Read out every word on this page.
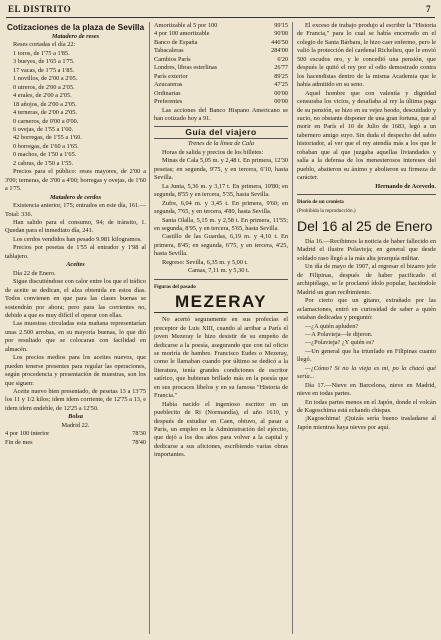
EL DISTRITO	7
Cotizaciones de la plaza de Sevilla

Matadero de reses

Reses cortadas el día 22:

1 toros, de 1'75 a 1'85.

3 bueyes, de 1'65 a 1'75.

17 vacas, de 1'75 a 1'85.

1 novillos, de 2'00 a 2'05.

0 utreros, de 2'00 a 2'05.

4 erales, de 2'00 a 2'05.

18 añojos, de 2'00 a 2'05.

4 terneras, de 2'00 a 2'05.

0 carneros, de 0'00 a 0'00.

6 ovejas, de 1'55 a 1'60.

42 borregas, de 1'55 a 1'60.

0 borregas, de 1'60 a 1'65.

0 machos, de 1'50 a 1'65.

2 cabras, de 1'50 a 1'55.

Precios para el público: reses mayores, de 2'00 a 3'00; terneras, de 3'00 a 4'00; borregas y ovejas, de 1'60 a 1'75.

Matadero de cerdos

Existencia anterior, 175; entrados en este día, 161.—Total: 336.

Han salido para el consumo, 94; de tránsito, 1. Quedan para el inmediato día, 241.

Los cerdos vendidos han pesado 9.981 kilogramos.

Precios por pesetas de 1'55 al entrador y 1'98 al tablajero.

Aceites

Día 22 de Enero.

Sigue discutiéndose con calor entre los que el tráfico de aceite se dedican, el alza obtenida en estos días. Todos convienen en que para las clases buenas se sostendrán por ahora; pero para las corrientes no, debido a que es muy difícil el operar con ellas.

Las muestras circuladas esta mañana representarían unas 2.500 arrobas, en su mayoría buenas, lo que dió por resultado que se colocaran con facilidad en almacén.

Los precios medios para los aceites nuevos, que pueden tenerse presentes para regular las operaciones, según procedencia y presentación de muestras, son los que siguen:

Aceite nuevo bien presentado, de pesetas 13 a 13'75 los 11 y 1/2 kilos; idem idem corriente, de 12'75 a 13, e idem idem endeble, de 12'25 a 12'50.

Bolsa

Madrid 22.

4 por 100 interior	78'30
Fin de mes	78'40
Amortizable al 5 por 100	99'15
4 por 100 amortizable	90'00
Banco de España	446'50
Tabacaleras	284'00
Cambios París	6'20
Londres, libras esterlinas	26'77
París exterior	89'25
Azucareras	47'25
Ordinarias	00'00
Preferentes	00'00

Las acciones del Banco Hispano Americano se han cotizado hoy a 91.

Guía del viajero

Trenes de la línea de Cala

Horas de salida y precios de los billetes:

Minas de Cala 5,05 m. y 2,48 t. En primera, 12'30 pesetas; en segunda, 9'75, y en tercera, 6'10, hasta Sevilla.

La Junta, 5,36 m. y 3,17 t. En primera, 10'80; en segunda, 8'55 y en tercera, 5'35, hasta Sevilla.

Zufre, 6,04 m. y 3,45 t. En primera, 9'60; en segunda, 7'65, y en tercera, 4'80, hasta Sevilla.

Santa Olalla, 5,15 m. y 2,58 t. En primera, 11'55; en segunda, 8'95, y en tercera, 5'65, hasta Sevilla.

Castillo de las Guardas, 6,19 m. y 4,10 t. En primera, 8'45; en segunda, 6'75, y en tercera, 4'25, hasta Sevilla.

Regreso: Sevilla, 6,35 m. y 5,00 t.

Camas, 7,11 m. y 5,30 t.

Figuras del pasado

MEZERAY

No acertó seguramente en sus profecías el preceptor de Luis XIII, cuando al arribar a París el joven Mezeray le hizo desistir de su empeño de dedicarse a la poesía, asegurando que con tal oficio se moriría de hambre. Francisco Eudes o Mezeray, como le llamaban cuando por último se dedicó a la literatura, tenía grandes condiciones de escritor satírico, que hubieran brillado más en la poesía que en sus procaces libelos y en su famosa "Historia de Francia."

Había nacido el ingenioso escritor en un pueblecito de Ri (Normandía), el año 1610, y después de estudiar en Caen, obtuvo, al pasar a París, un empleo en la Administración del ejército, que dejó a los dos años para volver a la capital y dedicarse a sus aficiones, escribiendo varias obras importantes.

El exceso de trabajo produjo al escribir la "Historia de Francia," para lo cual se había encerrado en el colegio de Santa Bárbara, le hizo caer enfermo, pero le valió la protección del cardenal Richelieu, que le envió 500 escudos oro, y le concedió una pensión, que después le quitó el rey por el odio demostrado contra los hacendistas dentro de la misma Academia que le había admitido en su seno.

Aquel hombre que con valentía y dignidad censuraba los vicios, y desafiaba al rey la última paga de su pensión, se hizo en su vejez beodo, descuidado y sucio, no obstante disponer de una gran fortuna, que al morir en París el 10 de Julio de 1683, legó a un tabernero amigo suyo. Sin duda el despecho del sabio historiador, al ver que el rey atendía más a los que le robaban que al que juzgaba aquellas liviandades y salía a la defensa de los menesterosos intereses del pueblo, abatieron su ánimo y abolieron su firmeza de carácter.

Hernando de Acevedo.

Diario de un cronista

(Prohibida la reproducción.)

Del 16 al 25 de Enero

Día 16.—Recibimos la noticia de haber fallecido en Madrid el ilustre Polavieja; en general que desde soldado raso llegó a la más alta jerarquía militar.

Un día de mayo de 1907, al regresar el bizarro jefe de Filipinas, después de haber pacificado el archipiélago, se le proclamó ídolo popular, haciéndole Madrid un gran recibimiento.

Por cierto que un gitano, extrañado por las aclamaciones, entró en curiosidad de saber a quién estaban dedicadas y preguntó:

—¿A quién apluden?

—A Polavieja—le dijeron.

—¿Polavieja? ¿Y quién es?

—Un general que ha triunfado en Filipinas cuanto llegó.

—¿Cómo? Si no la vieja es mi, po la chacó qué sería...

Día 17.—Nieve en Barcelona, nieve en Madrid, nieve en todas partes.

En todas partes menos en el Japón, donde el volcán de Kagoschima está echando chispas.

¡Kagoschima! ¡Quizás sería bueno trasladarse al Japón mientras haya nieves por aquí.
